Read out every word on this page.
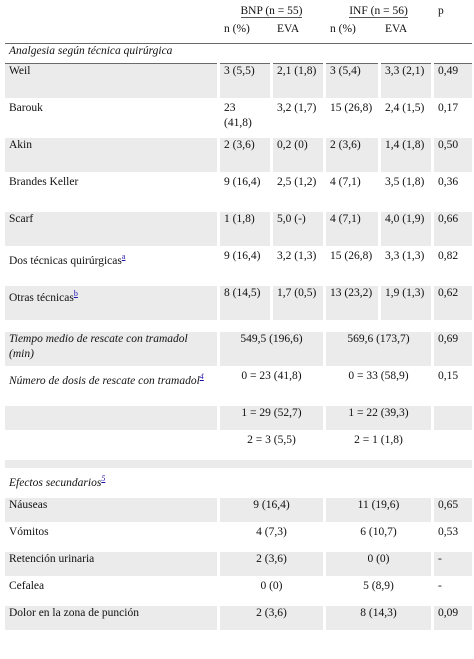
	BNP (n = 55)		INF (n = 56)		p
	n (%)	EVA	n (%)	EVA	
Analgesia según técnica quirúrgica					
Weil	3 (5,5)	2,1 (1,8)	3 (5,4)	3,3 (2,1)	0,49
Barouk	23 (41,8)	3,2 (1,7)	15 (26,8)	2,4 (1,5)	0,17
Akin	2 (3,6)	0,2 (0)	2 (3,6)	1,4 (1,8)	0,50
Brandes Keller	9 (16,4)	2,5 (1,2)	4 (7,1)	3,5 (1,8)	0,36
Scarf	1 (1,8)	5,0 (-)	4 (7,1)	4,0 (1,9)	0,66
Dos técnicas quirúrgicas$^a$	9 (16,4)	3,2 (1,3)	15 (26,8)	3,3 (1,3)	0,82
Otras técnicas$^b$	8 (14,5)	1,7 (0,5)	13 (23,2)	1,9 (1,3)	0,62

Tiempo medio de rescate con tramadol (min)	549,5 (196,6)		569,6 (173,7)		0,69
Número de dosis de rescate con tramadol$^4$	0 = 23 (41,8)		0 = 33 (58,9)		0,15
	1 = 29 (52,7)		1 = 22 (39,3)		
	2 = 3 (5,5)		2 = 1 (1,8)		

Efectos secundarios$^5$
Náuseas	9 (16,4)		11 (19,6)		0,65
Vómitos	4 (7,3)		6 (10,7)		0,53
Retención urinaria	2 (3,6)		0 (0)		-
Cefalea	0 (0)		5 (8,9)		-
Dolor en la zona de punción	2 (3,6)		8 (14,3)		0,09
